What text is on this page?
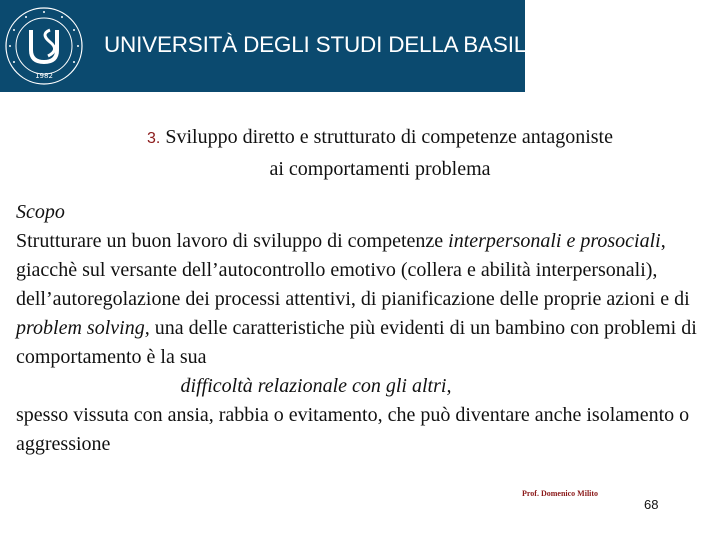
1982
UNIVERSITÀ DEGLI STUDI DELLA BASILICATA
3. Sviluppo diretto e strutturato di competenze antagoniste
ai comportamenti problema
Scopo
Strutturare un buon lavoro di sviluppo di competenze interpersonali e prosociali, giacchè sul versante dell’autocontrollo emotivo (collera e abilità interpersonali), dell’autoregolazione dei processi attentivi, di pianificazione delle proprie azioni e di problem solving, una delle caratteristiche più evidenti di un bambino con problemi di comportamento è la sua
difficoltà relazionale con gli altri,
spesso vissuta con ansia, rabbia o evitamento, che può diventare anche isolamento o aggressione
Prof. Domenico Milito
68
